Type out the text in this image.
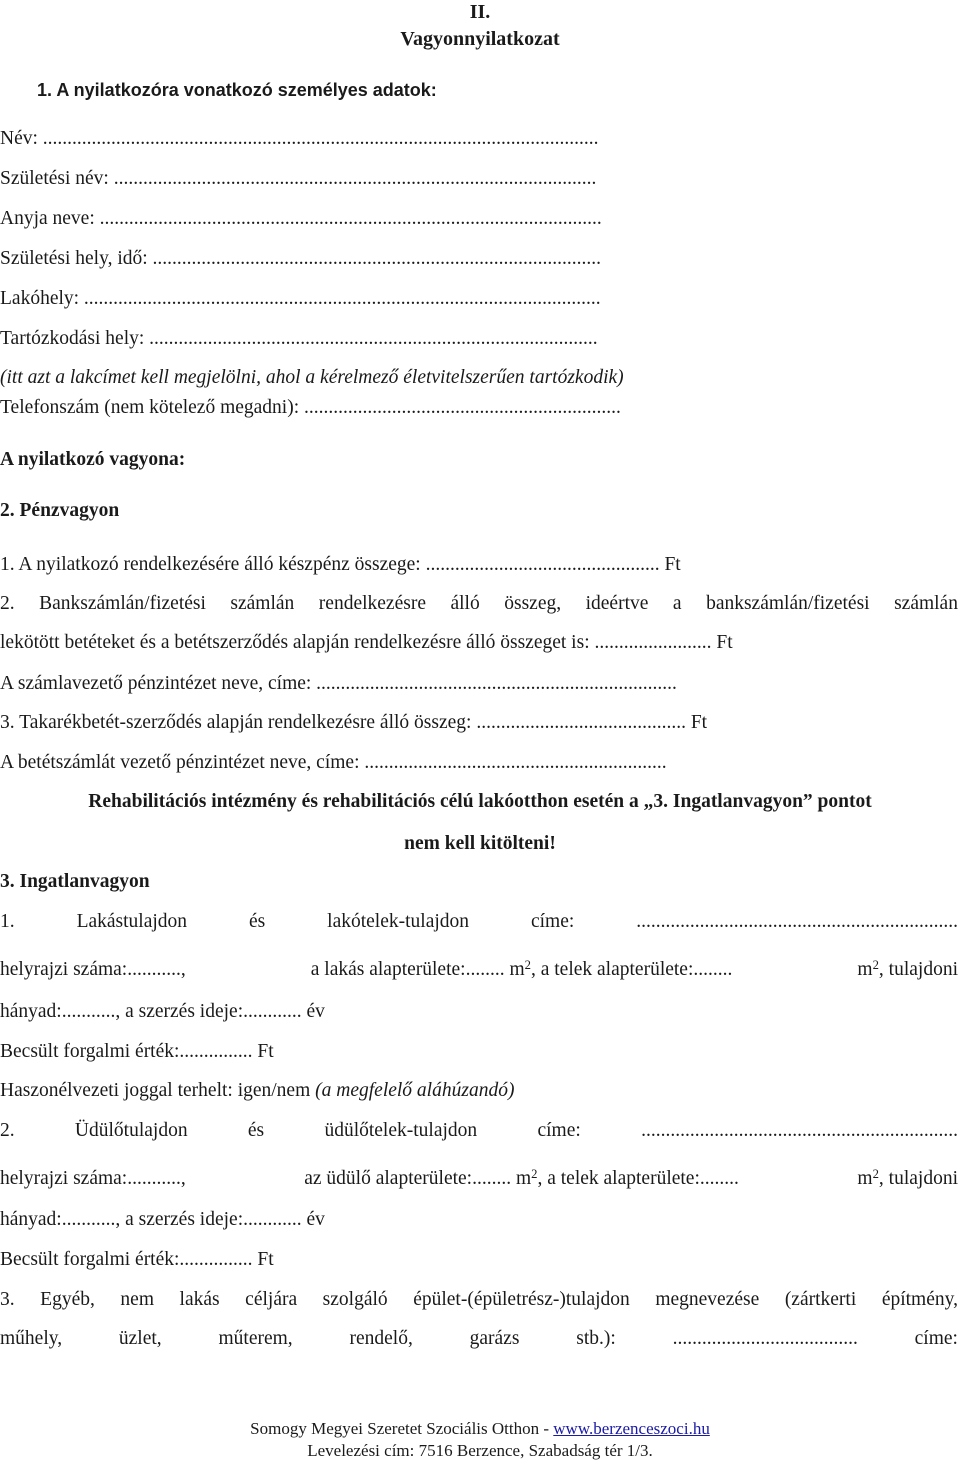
II.

Vagyonnyilatkozat

1. A nyilatkozóra vonatkozó személyes adatok:

Név: ..................................................................................................................

Születési név: ...................................................................................................

Anyja neve: .......................................................................................................

Születési hely, idő: ............................................................................................

Lakóhely: ..........................................................................................................

Tartózkodási hely: ............................................................................................

(itt azt a lakcímet kell megjelölni, ahol a kérelmező életvitelszerűen tartózkodik)

Telefonszám (nem kötelező megadni): .................................................................

A nyilatkozó vagyona:

2. Pénzvagyon

1. A nyilatkozó rendelkezésére álló készpénz összege: ................................................ Ft

2. Bankszámlán/fizetési számlán rendelkezésre álló összeg, ideértve a bankszámlán/fizetési számlán

lekötött betéteket és a betétszerződés alapján rendelkezésre álló összeget is: ........................ Ft

A számlavezető pénzintézet neve, címe: ..........................................................................

3. Takarékbetét-szerződés alapján rendelkezésre álló összeg: ........................................... Ft

A betétszámlát vezető pénzintézet neve, címe: ..............................................................

Rehabilitációs intézmény és rehabilitációs célú lakóotthon esetén a „3. Ingatlanvagyon” pontot

nem kell kitölteni!

3. Ingatlanvagyon

1.	Lakástulajdon	és	lakótelek-tulajdon	címe:	..................................................................
helyrajzi száma:...........,	a lakás alapterülete:........ $m^2$, a telek alapterülete:........	$m^2$, tulajdoni

hányad:..........., a szerzés ideje:............ év

Becsült forgalmi érték:............... Ft

Haszonélvezeti joggal terhelt: igen/nem (a megfelelő aláhúzandó)

2.	Üdülőtulajdon	és	üdülőtelek-tulajdon	címe:	.................................................................
helyrajzi száma:...........,	az üdülő alapterülete:........ $m^2$, a telek alapterülete:........	$m^2$, tulajdoni

hányad:..........., a szerzés ideje:............ év

Becsült forgalmi érték:............... Ft

3. Egyéb, nem lakás céljára szolgáló épület-(épületrész-)tulajdon megnevezése (zártkerti építmény,
műhely,	üzlet,	műterem,	rendelő,	garázs	stb.):	......................................	címe:
Somogy Megyei Szeretet Szociális Otthon - www.berzenceszoci.hu
Levelezési cím: 7516 Berzence, Szabadság tér 1/3.
